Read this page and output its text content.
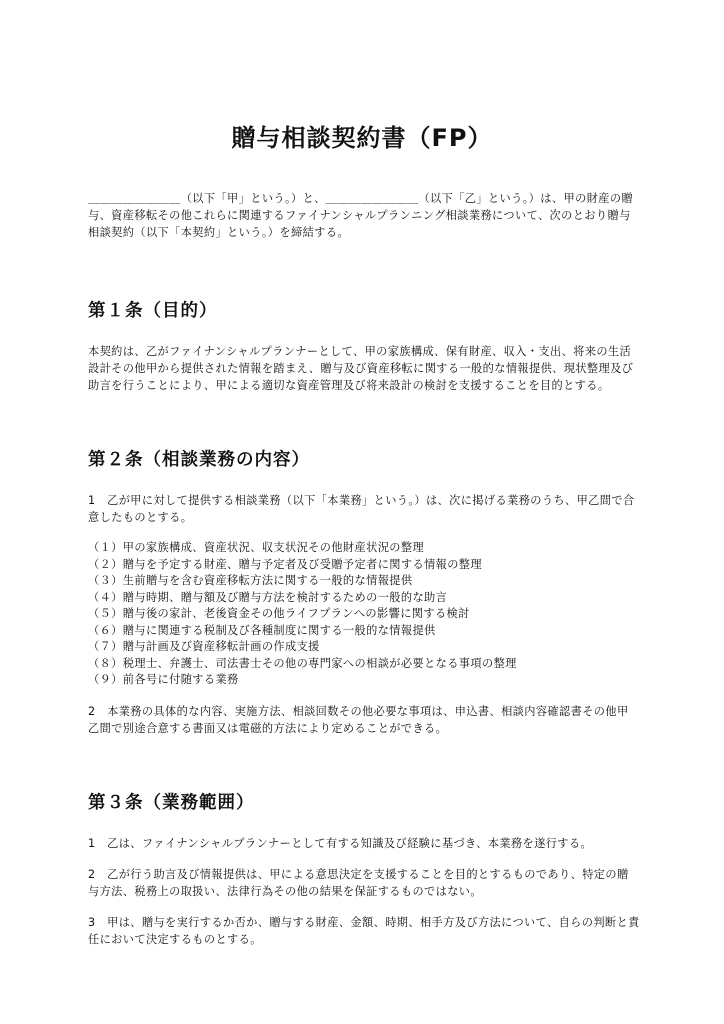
贈与相談契約書（FP）

＿＿＿＿＿＿＿＿（以下「甲」という。）と、＿＿＿＿＿＿＿＿（以下「乙」という。）は、甲の財産の贈与、資産移転その他これらに関連するファイナンシャルプランニング相談業務について、次のとおり贈与相談契約（以下「本契約」という。）を締結する。

第１条（目的）

本契約は、乙がファイナンシャルプランナーとして、甲の家族構成、保有財産、収入・支出、将来の生活設計その他甲から提供された情報を踏まえ、贈与及び資産移転に関する一般的な情報提供、現状整理及び助言を行うことにより、甲による適切な資産管理及び将来設計の検討を支援することを目的とする。

第２条（相談業務の内容）

1　乙が甲に対して提供する相談業務（以下「本業務」という。）は、次に掲げる業務のうち、甲乙間で合意したものとする。

（１）甲の家族構成、資産状況、収支状況その他財産状況の整理
（２）贈与を予定する財産、贈与予定者及び受贈予定者に関する情報の整理
（３）生前贈与を含む資産移転方法に関する一般的な情報提供
（４）贈与時期、贈与額及び贈与方法を検討するための一般的な助言
（５）贈与後の家計、老後資金その他ライフプランへの影響に関する検討
（６）贈与に関連する税制及び各種制度に関する一般的な情報提供
（７）贈与計画及び資産移転計画の作成支援
（８）税理士、弁護士、司法書士その他の専門家への相談が必要となる事項の整理
（９）前各号に付随する業務

2　本業務の具体的な内容、実施方法、相談回数その他必要な事項は、申込書、相談内容確認書その他甲乙間で別途合意する書面又は電磁的方法により定めることができる。

第３条（業務範囲）

1　乙は、ファイナンシャルプランナーとして有する知識及び経験に基づき、本業務を遂行する。

2　乙が行う助言及び情報提供は、甲による意思決定を支援することを目的とするものであり、特定の贈与方法、税務上の取扱い、法律行為その他の結果を保証するものではない。

3　甲は、贈与を実行するか否か、贈与する財産、金額、時期、相手方及び方法について、自らの判断と責任において決定するものとする。
